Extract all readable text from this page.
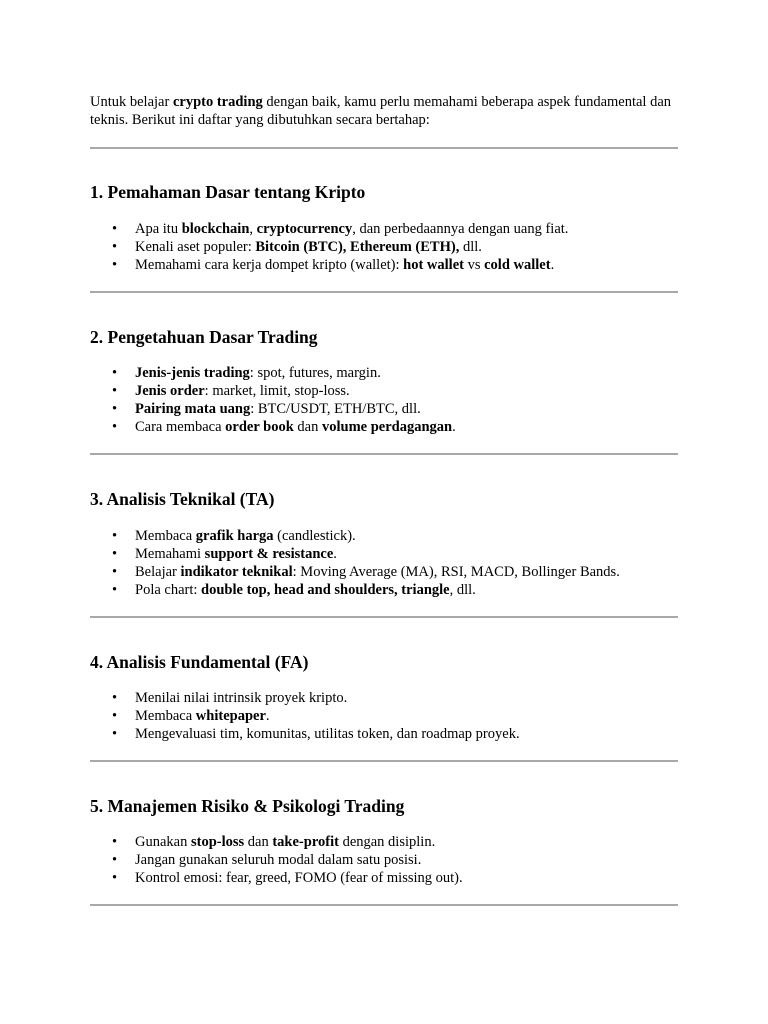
Untuk belajar crypto trading dengan baik, kamu perlu memahami beberapa aspek fundamental dan teknis. Berikut ini daftar yang dibutuhkan secara bertahap:

1. Pemahaman Dasar tentang Kripto
• Apa itu blockchain, cryptocurrency, dan perbedaannya dengan uang fiat.
• Kenali aset populer: Bitcoin (BTC), Ethereum (ETH), dll.
• Memahami cara kerja dompet kripto (wallet): hot wallet vs cold wallet.
2. Pengetahuan Dasar Trading
• Jenis-jenis trading: spot, futures, margin.
• Jenis order: market, limit, stop-loss.
• Pairing mata uang: BTC/USDT, ETH/BTC, dll.
• Cara membaca order book dan volume perdagangan.
3. Analisis Teknikal (TA)
• Membaca grafik harga (candlestick).
• Memahami support & resistance.
• Belajar indikator teknikal: Moving Average (MA), RSI, MACD, Bollinger Bands.
• Pola chart: double top, head and shoulders, triangle, dll.
4. Analisis Fundamental (FA)
• Menilai nilai intrinsik proyek kripto.
• Membaca whitepaper.
• Mengevaluasi tim, komunitas, utilitas token, dan roadmap proyek.
5. Manajemen Risiko & Psikologi Trading
• Gunakan stop-loss dan take-profit dengan disiplin.
• Jangan gunakan seluruh modal dalam satu posisi.
• Kontrol emosi: fear, greed, FOMO (fear of missing out).
